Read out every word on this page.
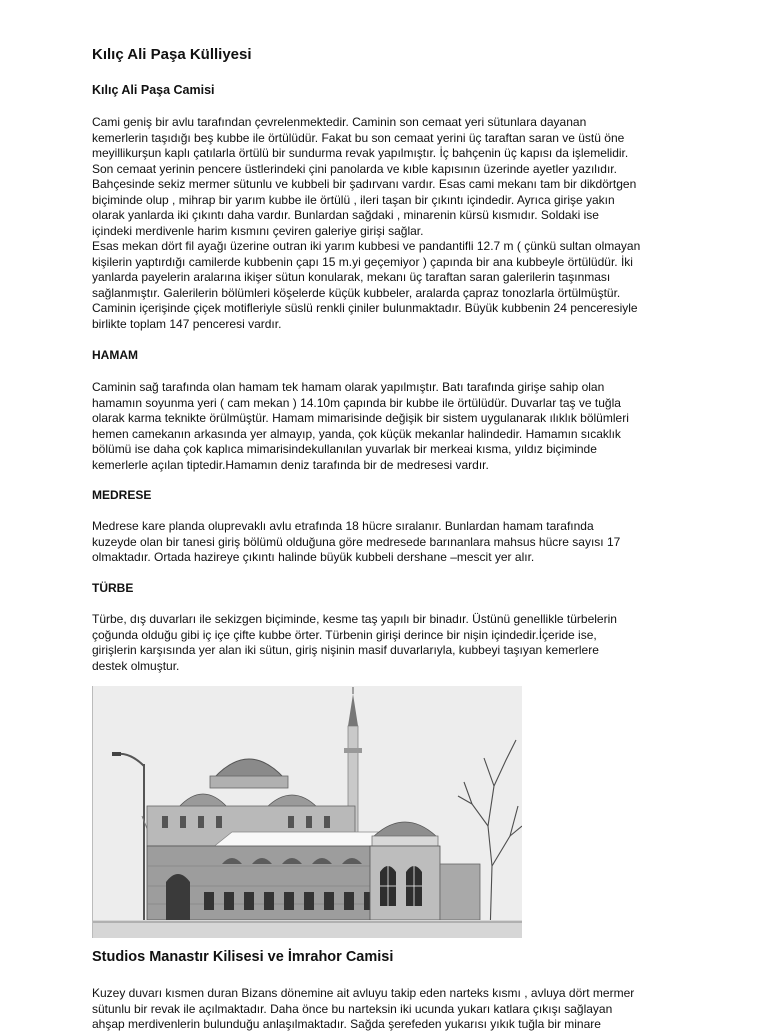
Kılıç Ali Paşa Külliyesi
Kılıç Ali Paşa Camisi
Cami geniş bir avlu tarafından çevrelenmektedir. Caminin son cemaat yeri sütunlara dayanan
kemerlerin taşıdığı beş kubbe ile örtülüdür. Fakat bu son cemaat yerini üç taraftan saran ve üstü öne
meyillikurşun kaplı çatılarla örtülü bir sundurma revak yapılmıştır. İç bahçenin üç kapısı da işlemelidir.
Son cemaat yerinin pencere üstlerindeki çini panolarda ve kıble kapısının üzerinde ayetler yazılıdır.
Bahçesinde sekiz mermer sütunlu ve kubbeli bir şadırvanı vardır. Esas cami mekanı tam bir dikdörtgen
biçiminde olup , mihrap bir yarım kubbe ile örtülü , ileri taşan bir çıkıntı içindedir. Ayrıca girişe yakın
olarak yanlarda iki çıkıntı daha vardır. Bunlardan sağdaki , minarenin kürsü kısmıdır. Soldaki ise
içindeki merdivenle harim kısmını çeviren galeriye girişi sağlar.
Esas mekan dört fil ayağı üzerine outran iki yarım kubbesi ve pandantifli 12.7 m ( çünkü sultan olmayan
kişilerin yaptırdığı camilerde kubbenin çapı 15 m.yi geçemiyor ) çapında bir ana kubbeyle örtülüdür. İki
yanlarda payelerin aralarına ikişer sütun konularak, mekanı üç taraftan saran galerilerin taşınması
sağlanmıştır. Galerilerin bölümleri köşelerde küçük kubbeler, aralarda çapraz tonozlarla örtülmüştür.
Caminin içerişinde çiçek motifleriyle süslü renkli çiniler bulunmaktadır. Büyük kubbenin 24 penceresiyle
birlikte toplam 147 penceresi vardır.
HAMAM
Caminin sağ tarafında olan hamam tek hamam olarak yapılmıştır. Batı tarafında girişe sahip olan
hamamın soyunma yeri ( cam mekan ) 14.10m çapında bir kubbe ile örtülüdür. Duvarlar taş ve tuğla
olarak karma teknikte örülmüştür. Hamam mimarisinde değişik bir sistem uygulanarak ılıklık bölümleri
hemen camekanın arkasında yer almayıp, yanda, çok küçük mekanlar halindedir. Hamamın sıcaklık
bölümü ise daha çok kaplıca mimarisindekullanılan yuvarlak bir merkeai kısma, yıldız biçiminde
kemerlerle açılan tiptedir.Hamamın deniz tarafında bir de medresesi vardır.
MEDRESE
Medrese kare planda oluprevaklı avlu etrafında 18 hücre sıralanır. Bunlardan hamam tarafında
kuzeyde olan bir tanesi giriş bölümü olduğuna göre medresede barınanlara mahsus hücre sayısı 17
olmaktadır. Ortada hazireye çıkıntı halinde büyük kubbeli dershane –mescit yer alır.
TÜRBE
Türbe, dış duvarları ile sekizgen biçiminde, kesme taş yapılı bir binadır. Üstünü genellikle türbelerin
çoğunda olduğu gibi iç içe çifte kubbe örter. Türbenin girişi derince bir nişin içindedir.İçeride ise,
girişlerin karşısında yer alan iki sütun, giriş nişinin masif duvarlarıyla, kubbeyi taşıyan kemerlere
destek olmuştur.
Studios Manastır Kilisesi ve İmrahor Camisi
Kuzey duvarı kısmen duran Bizans dönemine ait avluyu takip eden narteks kısmı , avluya dört mermer
sütunlu bir revak ile açılmaktadır. Daha önce bu narteksin iki ucunda yukarı katlara çıkışı sağlayan
ahşap merdivenlerin bulunduğu anlaşılmaktadır. Sağda şerefeden yukarısı yıkık tuğla bir minare
